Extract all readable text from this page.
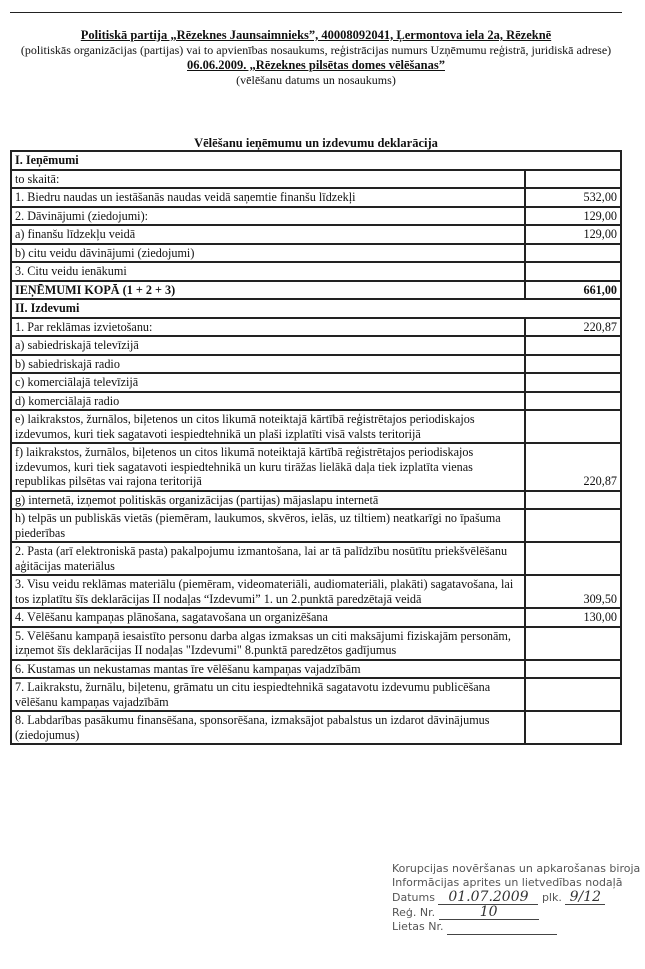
Politiskā partija „Rēzeknes Jaunsaimnieks”, 40008092041, Ļermontova iela 2a, Rēzeknē
(politiskās organizācijas (partijas) vai to apvienības nosaukums, reģistrācijas numurs Uzņēmumu reģistrā, juridiskā adrese)
06.06.2009. „Rēzeknes pilsētas domes vēlēšanas”
(vēlēšanu datums un nosaukums)
Vēlēšanu ieņēmumu un izdevumu deklarācija
I. Ieņēmumi	
to skaitā:	
1. Biedru naudas un iestāšanās naudas veidā saņemtie finanšu līdzekļi	532,00
2. Dāvinājumi (ziedojumi):	129,00
a) finanšu līdzekļu veidā	129,00
b) citu veidu dāvinājumi (ziedojumi)	
3. Citu veidu ienākumi	
IEŅĒMUMI KOPĀ (1 + 2 + 3)	661,00
II. Izdevumi	
1. Par reklāmas izvietošanu:	220,87
a) sabiedriskajā televīzijā	
b) sabiedriskajā radio	
c) komerciālajā televīzijā	
d) komerciālajā radio	
e) laikrakstos, žurnālos, biļetenos un citos likumā noteiktajā kārtībā reģistrētajos periodiskajos izdevumos, kuri tiek sagatavoti iespiedtehnikā un plaši izplatīti visā valsts teritorijā	
f) laikrakstos, žurnālos, biļetenos un citos likumā noteiktajā kārtībā reģistrētajos periodiskajos izdevumos, kuri tiek sagatavoti iespiedtehnikā un kuru tirāžas lielākā daļa tiek izplatīta vienas republikas pilsētas vai rajona teritorijā	220,87
g) internetā, izņemot politiskās organizācijas (partijas) mājaslapu internetā	
h) telpās un publiskās vietās (piemēram, laukumos, skvēros, ielās, uz tiltiem) neatkarīgi no īpašuma piederības	
2. Pasta (arī elektroniskā pasta) pakalpojumu izmantošana, lai ar tā palīdzību nosūtītu priekšvēlēšanu aģitācijas materiālus	
3. Visu veidu reklāmas materiālu (piemēram, videomateriāli, audiomateriāli, plakāti) sagatavošana, lai tos izplatītu šīs deklarācijas II nodaļas “Izdevumi” 1. un 2.punktā paredzētajā veidā	309,50
4. Vēlēšanu kampaņas plānošana, sagatavošana un organizēšana	130,00
5. Vēlēšanu kampaņā iesaistīto personu darba algas izmaksas un citi maksājumi fiziskajām personām, izņemot šīs deklarācijas II nodaļas "Izdevumi" 8.punktā paredzētos gadījumus	
6. Kustamas un nekustamas mantas īre vēlēšanu kampaņas vajadzībām	
7. Laikrakstu, žurnālu, biļetenu, grāmatu un citu iespiedtehnikā sagatavotu izdevumu publicēšana vēlēšanu kampaņas vajadzībām	
8. Labdarības pasākumu finansēšana, sponsorēšana, izmaksājot pabalstus un izdarot dāvinājumus (ziedojumus)	
Korupcijas novēršanas un apkarošanas biroja
Informācijas aprites un lietvedības nodaļā
Datums 01.07.2009 plk. 9/12
Reģ. Nr.	10
Lietas Nr.
